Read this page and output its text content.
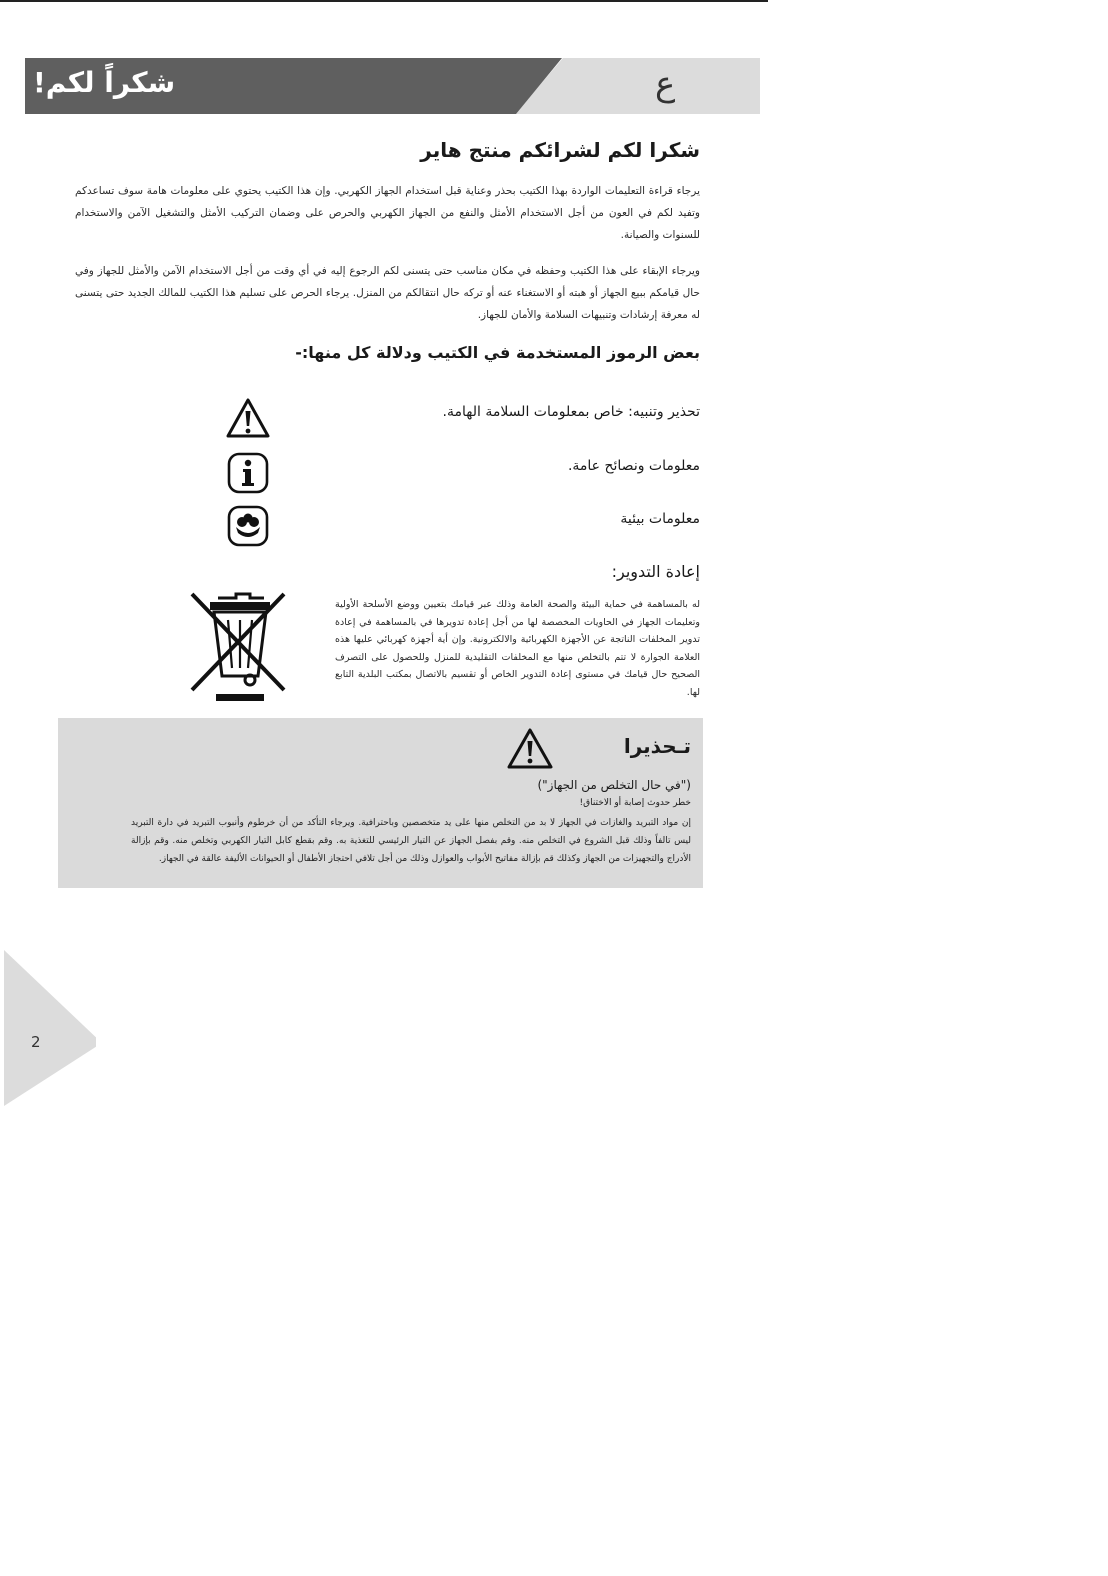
شكراً لكم!	ع
شكرا لكم لشرائكم منتج هاير
يرجاء قراءة التعليمات الواردة بهذا الكتيب بحذر وعناية قبل استخدام الجهاز الكهربي. وإن هذا الكتيب يحتوي على معلومات هامة سوف تساعدكم وتفيد لكم في العون من أجل الاستخدام الأمثل والنفع من الجهاز الكهربي والحرص على وضمان التركيب الأمثل والتشغيل الآمن والاستخدام للسنوات والصيانة.
ويرجاء الإبقاء على هذا الكتيب وحفظه في مكان مناسب حتى يتسنى لكم الرجوع إليه في أي وقت من أجل الاستخدام الآمن والأمثل للجهاز وفي حال قيامكم ببيع الجهاز أو هبته أو الاستغناء عنه أو تركه حال انتقالكم من المنزل. يرجاء الحرص على تسليم هذا الكتيب للمالك الجديد حتى يتسنى له معرفة إرشادات وتنبيهات السلامة والأمان للجهاز.
بعض الرموز المستخدمة في الكتيب ودلالة كل منها:-
تحذير وتنبيه: خاص بمعلومات السلامة الهامة.
معلومات ونصائح عامة.
معلومات بيئية
إعادة التدوير:
له بالمساهمة في حماية البيئة والصحة العامة وذلك عبر قيامك بتعيين ووضع الأسلحة الأولية وتعليمات الجهاز في الحاويات المخصصة لها من أجل إعادة تدويرها في بالمساهمة في إعادة تدوير المخلفات الناتجة عن الأجهزة الكهربائية والالكترونية. وإن أية أجهزة كهربائي عليها هذه العلامة الجوارة لا تتم بالتخلص منها مع المخلفات التقليدية للمنزل وللحصول على التصرف الصحيح حال قيامك في مستوى إعادة التدوير الخاص أو تقسيم بالاتصال بمكتب البلدية التابع لها.
تـحذيرا
("في حال التخلص من الجهاز")
خطر حدوث إصابة أو الاختناق!
إن مواد التبريد والغازات في الجهاز لا بد من التخلص منها على يد متخصصين وباحترافية. ويرجاء التأكد من أن خرطوم وأنبوب التبريد في دارة التبريد ليس تالفاً وذلك قبل الشروع في التخلص منه. وقم بفصل الجهاز عن التيار الرئيسي للتغذية به. وقم بقطع كابل التيار الكهربي وتخلص منه. وقم بإزالة الأدراج والتجهيزات من الجهاز وكذلك قم بإزالة مفاتيح الأبواب والعوازل وذلك من أجل تلافي احتجاز الأطفال أو الحيوانات الأليفة عالقة في الجهاز.
2
